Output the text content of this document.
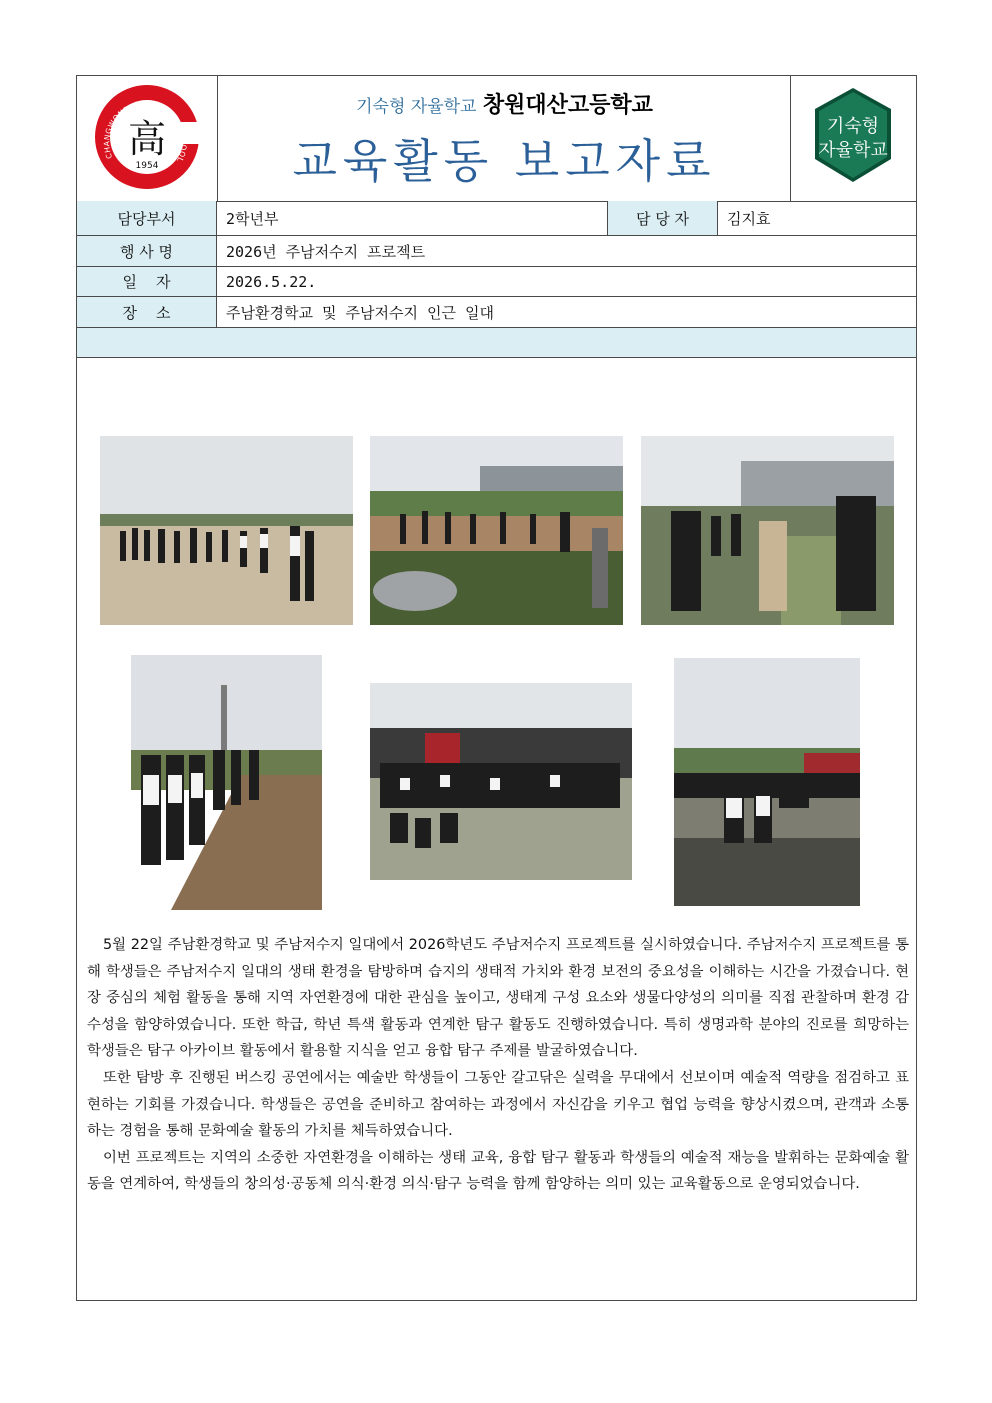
高
1954
CHANGWONDAESAN HIGH SCHOOL
기숙형 자율학교 창원대산고등학교
교육활동 보고자료
기숙형
자율학교
담당부서	2학년부	담 당 자	김지효
행 사 명	2026년 주남저수지 프로젝트
일    자	2026.5.22.
장    소	주남환경학교 및 주남저수지 인근 일대

5월 22일 주남환경학교 및 주남저수지 일대에서 2026학년도 주남저수지 프로젝트를 실시하였습니다. 주남저수지 프로젝트를 통해 학생들은 주남저수지 일대의 생태 환경을 탐방하며 습지의 생태적 가치와 환경 보전의 중요성을 이해하는 시간을 가졌습니다. 현장 중심의 체험 활동을 통해 지역 자연환경에 대한 관심을 높이고, 생태계 구성 요소와 생물다양성의 의미를 직접 관찰하며 환경 감수성을 함양하였습니다. 또한 학급, 학년 특색 활동과 연계한 탐구 활동도 진행하였습니다. 특히 생명과학 분야의 진로를 희망하는 학생들은 탐구 아카이브 활동에서 활용할 지식을 얻고 융합 탐구 주제를 발굴하였습니다.

또한 탐방 후 진행된 버스킹 공연에서는 예술반 학생들이 그동안 갈고닦은 실력을 무대에서 선보이며 예술적 역량을 점검하고 표현하는 기회를 가졌습니다. 학생들은 공연을 준비하고 참여하는 과정에서 자신감을 키우고 협업 능력을 향상시켰으며, 관객과 소통하는 경험을 통해 문화예술 활동의 가치를 체득하였습니다.

이번 프로젝트는 지역의 소중한 자연환경을 이해하는 생태 교육, 융합 탐구 활동과 학생들의 예술적 재능을 발휘하는 문화예술 활동을 연계하여, 학생들의 창의성·공동체 의식·환경 의식·탐구 능력을 함께 함양하는 의미 있는 교육활동으로 운영되었습니다.
